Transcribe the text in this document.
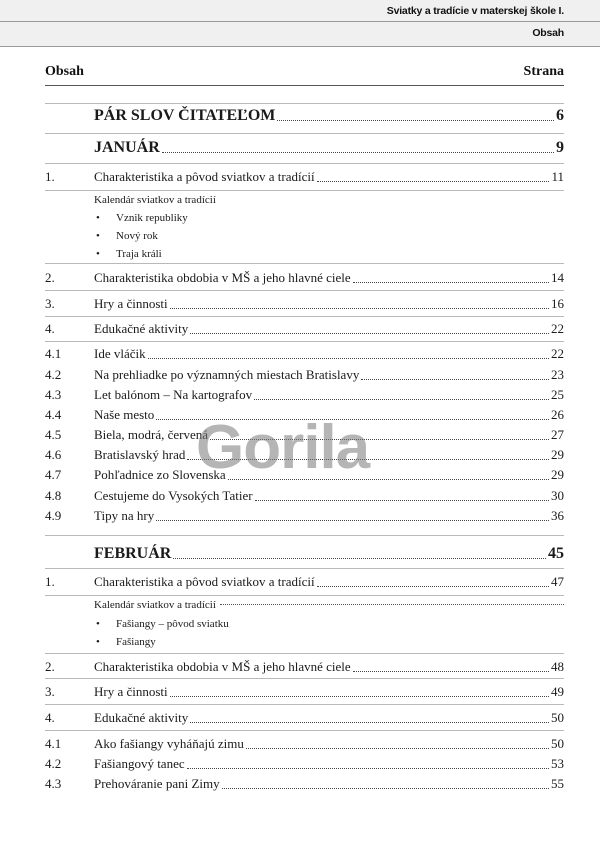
Sviatky a tradície v materskej škole I.
Obsah
Obsah	Strana
PÁR SLOV ČITATEĽOM	6
JANUÁR	9
1.	Charakteristika a pôvod sviatkov a tradícií	11
Kalendár sviatkov a tradícií
• Vznik republiky
• Nový rok
• Traja králi
2.	Charakteristika obdobia v MŠ a jeho hlavné ciele	14
3.	Hry a činnosti	16
4.	Edukačné aktivity	22
4.1	Ide vláčik	22
4.2	Na prehliadke po významných miestach Bratislavy	23
4.3	Let balónom – Na kartografov	25
4.4	Naše mesto	26
4.5	Biela, modrá, červená	27
4.6	Bratislavský hrad	29
4.7	Pohľadnice zo Slovenska	29
4.8	Cestujeme do Vysokých Tatier	30
4.9	Tipy na hry	36
FEBRUÁR	45
1.	Charakteristika a pôvod sviatkov a tradícií	47
Kalendár sviatkov a tradícií
• Fašiangy – pôvod sviatku
• Fašiangy
2.	Charakteristika obdobia v MŠ a jeho hlavné ciele	48
3.	Hry a činnosti	49
4.	Edukačné aktivity	50
4.1	Ako fašiangy vyháňajú zimu	50
4.2	Fašiangový tanec	53
4.3	Prehováranie pani Zimy	55
Gorila
